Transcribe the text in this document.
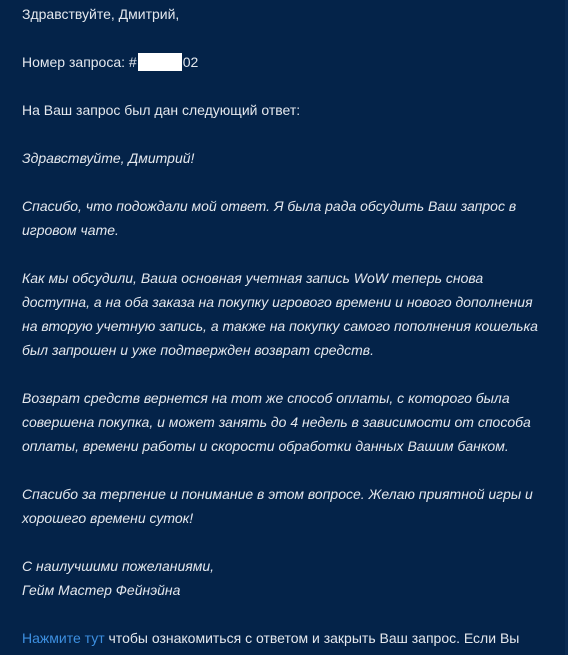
Здравствуйте, Дмитрий,

Номер запроса: #	02

На Ваш запрос был дан следующий ответ:

Здравствуйте, Дмитрий!

Спасибо, что подождали мой ответ. Я была рада обсудить Ваш запрос в

игровом чате.

Как мы обсудили, Ваша основная учетная запись WoW теперь снова

доступна, а на оба заказа на покупку игрового времени и нового дополнения

на вторую учетную запись, а также на покупку самого пополнения кошелька

был запрошен и уже подтвержден возврат средств.

Возврат средств вернется на тот же способ оплаты, с которого была

совершена покупка, и может занять до 4 недель в зависимости от способа

оплаты, времени работы и скорости обработки данных Вашим банком.

Спасибо за терпение и понимание в этом вопросе. Желаю приятной игры и

хорошего времени суток!

С наилучшими пожеланиями,

Гейм Мастер Фейнэйна

Нажмите тут чтобы ознакомиться с ответом и закрыть Ваш запрос. Если Вы
